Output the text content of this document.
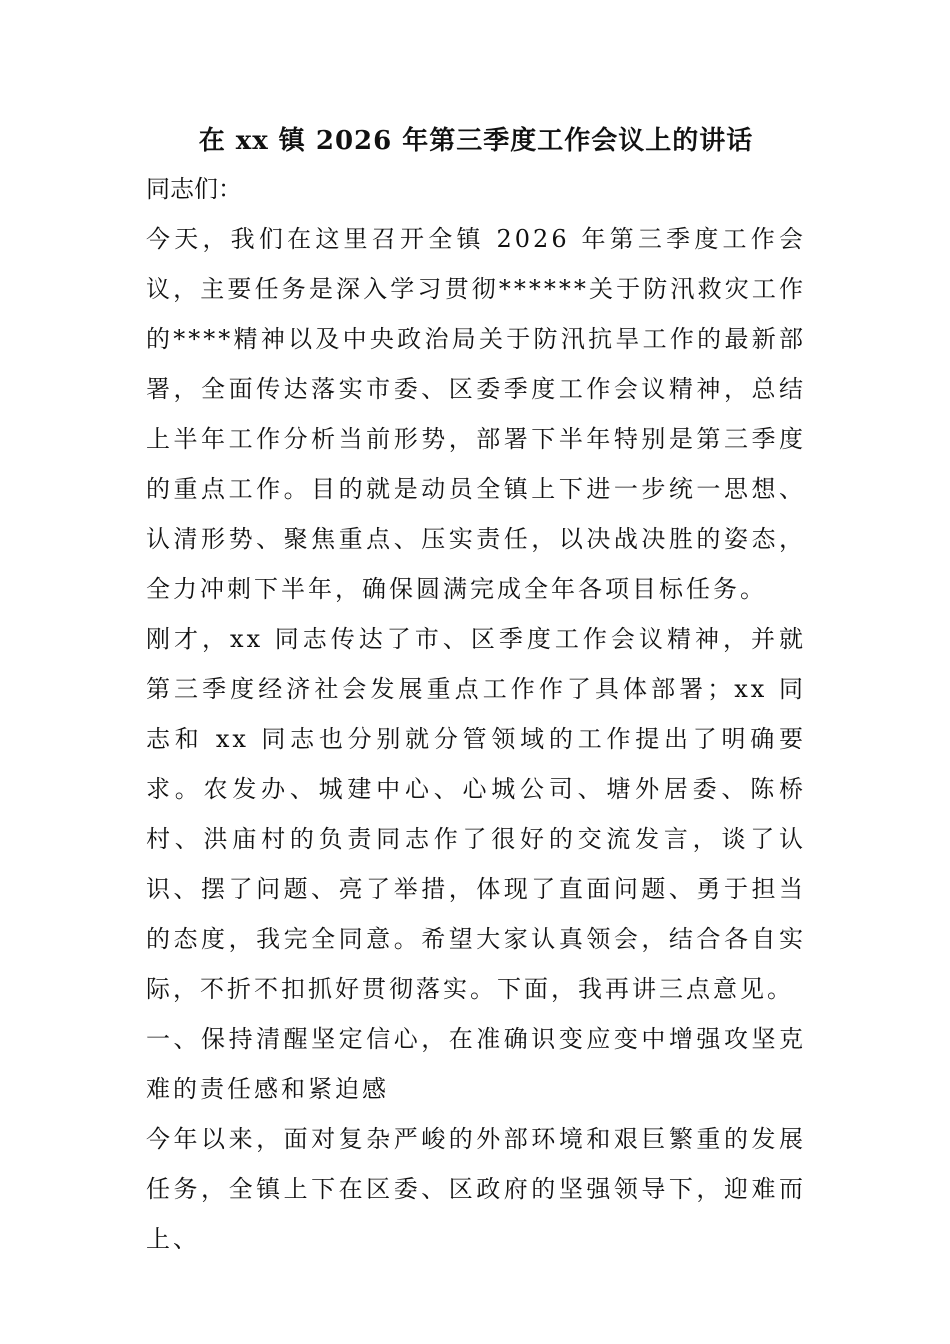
在 xx 镇 2026 年第三季度工作会议上的讲话

同志们：

今天，我们在这里召开全镇 2026 年第三季度工作会议，主要任务是深入学习贯彻******关于防汛救灾工作的****精神以及中央政治局关于防汛抗旱工作的最新部署，全面传达落实市委、区委季度工作会议精神，总结上半年工作分析当前形势，部署下半年特别是第三季度的重点工作。目的就是动员全镇上下进一步统一思想、认清形势、聚焦重点、压实责任，以决战决胜的姿态，全力冲刺下半年，确保圆满完成全年各项目标任务。

刚才，xx 同志传达了市、区季度工作会议精神，并就第三季度经济社会发展重点工作作了具体部署；xx 同志和 xx 同志也分别就分管领域的工作提出了明确要求。农发办、城建中心、心城公司、塘外居委、陈桥村、洪庙村的负责同志作了很好的交流发言，谈了认识、摆了问题、亮了举措，体现了直面问题、勇于担当的态度，我完全同意。希望大家认真领会，结合各自实际，不折不扣抓好贯彻落实。下面，我再讲三点意见。

一、保持清醒坚定信心，在准确识变应变中增强攻坚克难的责任感和紧迫感

今年以来，面对复杂严峻的外部环境和艰巨繁重的发展任务，全镇上下在区委、区政府的坚强领导下，迎难而上、
